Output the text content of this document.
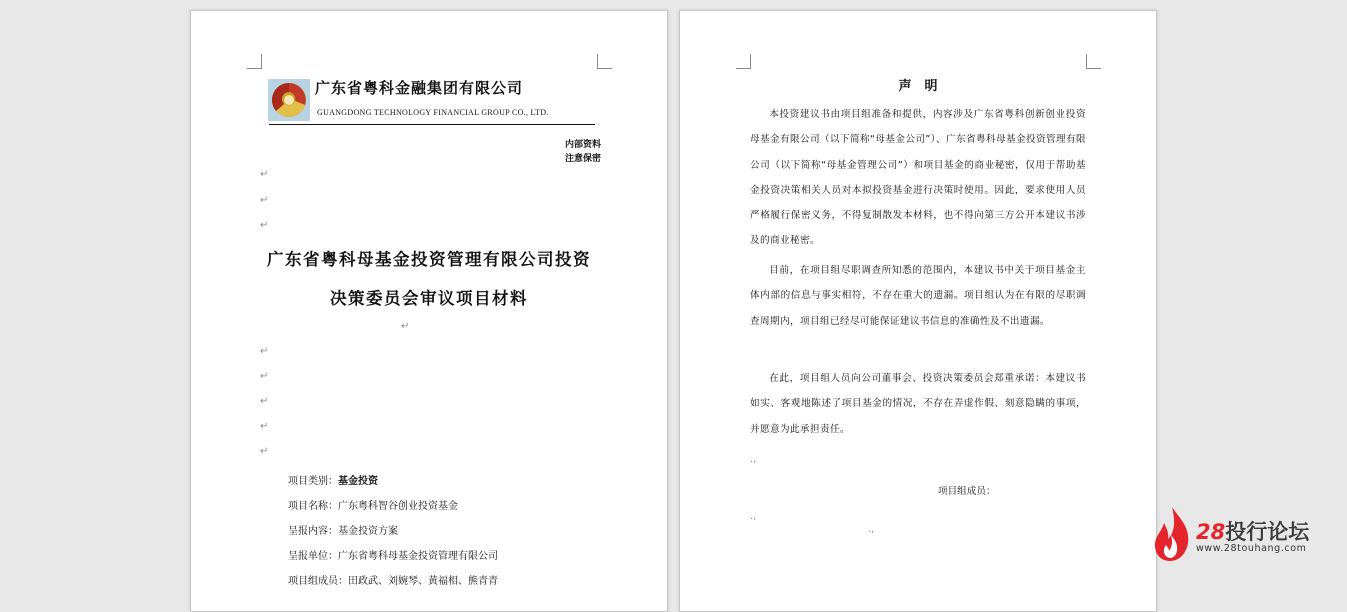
广东省粤科金融集团有限公司
GUANGDONG TECHNOLOGY FINANCIAL GROUP CO., LTD.
内部资料
注意保密
↵
↵
↵
广东省粤科母基金投资管理有限公司投资
决策委员会审议项目材料
↵
↵
↵
↵
↵
↵
项目类别：基金投资
项目名称：广东粤科智谷创业投资基金
呈报内容：基金投资方案
呈报单位：广东省粤科母基金投资管理有限公司
项目组成员：田政武、刘婉琴、黄福相、熊青青
声　明
本投资建议书由项目组准备和提供，内容涉及广东省粤科创新创业投资母基金有限公司（以下简称“母基金公司”）、广东省粤科母基金投资管理有限公司（以下简称“母基金管理公司”）和项目基金的商业秘密，仅用于帮助基金投资决策相关人员对本拟投资基金进行决策时使用。因此，要求使用人员严格履行保密义务，不得复制散发本材料，也不得向第三方公开本建议书涉及的商业秘密。
目前，在项目组尽职调查所知悉的范围内，本建议书中关于项目基金主体内部的信息与事实相符，不存在重大的遗漏。项目组认为在有限的尽职调查周期内，项目组已经尽可能保证建议书信息的准确性及不出遗漏。
在此，项目组人员向公司董事会、投资决策委员会郑重承诺：本建议书如实、客观地陈述了项目基金的情况，不存在弄虚作假、刻意隐瞒的事项，并愿意为此承担责任。
.,
项目组成员：
.,
.,	28投行论坛
www.28touhang.com
